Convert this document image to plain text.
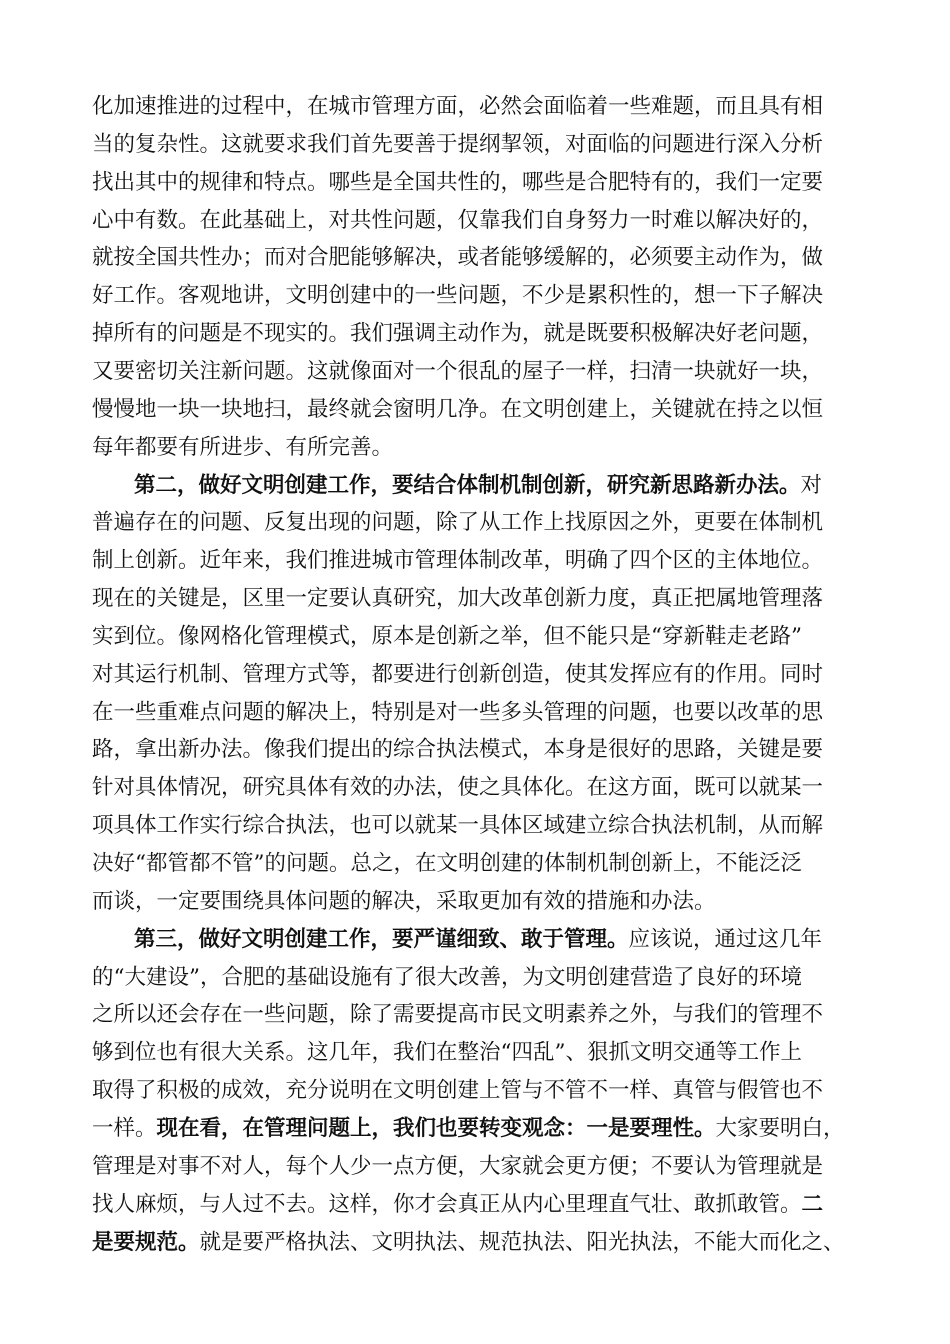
化加速推进的过程中，在城市管理方面，必然会面临着一些难题，而且具有相
当的复杂性。这就要求我们首先要善于提纲挈领，对面临的问题进行深入分析
找出其中的规律和特点。哪些是全国共性的，哪些是合肥特有的，我们一定要
心中有数。在此基础上，对共性问题，仅靠我们自身努力一时难以解决好的，
就按全国共性办；而对合肥能够解决，或者能够缓解的，必须要主动作为，做
好工作。客观地讲，文明创建中的一些问题，不少是累积性的，想一下子解决
掉所有的问题是不现实的。我们强调主动作为，就是既要积极解决好老问题，
又要密切关注新问题。这就像面对一个很乱的屋子一样，扫清一块就好一块，
慢慢地一块一块地扫，最终就会窗明几净。在文明创建上，关键就在持之以恒
每年都要有所进步、有所完善。
第二，做好文明创建工作，要结合体制机制创新，研究新思路新办法。对
普遍存在的问题、反复出现的问题，除了从工作上找原因之外，更要在体制机
制上创新。近年来，我们推进城市管理体制改革，明确了四个区的主体地位。
现在的关键是，区里一定要认真研究，加大改革创新力度，真正把属地管理落
实到位。像网格化管理模式，原本是创新之举，但不能只是“穿新鞋走老路”
对其运行机制、管理方式等，都要进行创新创造，使其发挥应有的作用。同时
在一些重难点问题的解决上，特别是对一些多头管理的问题，也要以改革的思
路，拿出新办法。像我们提出的综合执法模式，本身是很好的思路，关键是要
针对具体情况，研究具体有效的办法，使之具体化。在这方面，既可以就某一
项具体工作实行综合执法，也可以就某一具体区域建立综合执法机制，从而解
决好“都管都不管”的问题。总之，在文明创建的体制机制创新上，不能泛泛
而谈，一定要围绕具体问题的解决，采取更加有效的措施和办法。
第三，做好文明创建工作，要严谨细致、敢于管理。应该说，通过这几年
的“大建设”，合肥的基础设施有了很大改善，为文明创建营造了良好的环境
之所以还会存在一些问题，除了需要提高市民文明素养之外，与我们的管理不
够到位也有很大关系。这几年，我们在整治“四乱”、狠抓文明交通等工作上
取得了积极的成效，充分说明在文明创建上管与不管不一样、真管与假管也不
一样。现在看，在管理问题上，我们也要转变观念：一是要理性。大家要明白，
管理是对事不对人，每个人少一点方便，大家就会更方便；不要认为管理就是
找人麻烦，与人过不去。这样，你才会真正从内心里理直气壮、敢抓敢管。二
是要规范。就是要严格执法、文明执法、规范执法、阳光执法，不能大而化之、
